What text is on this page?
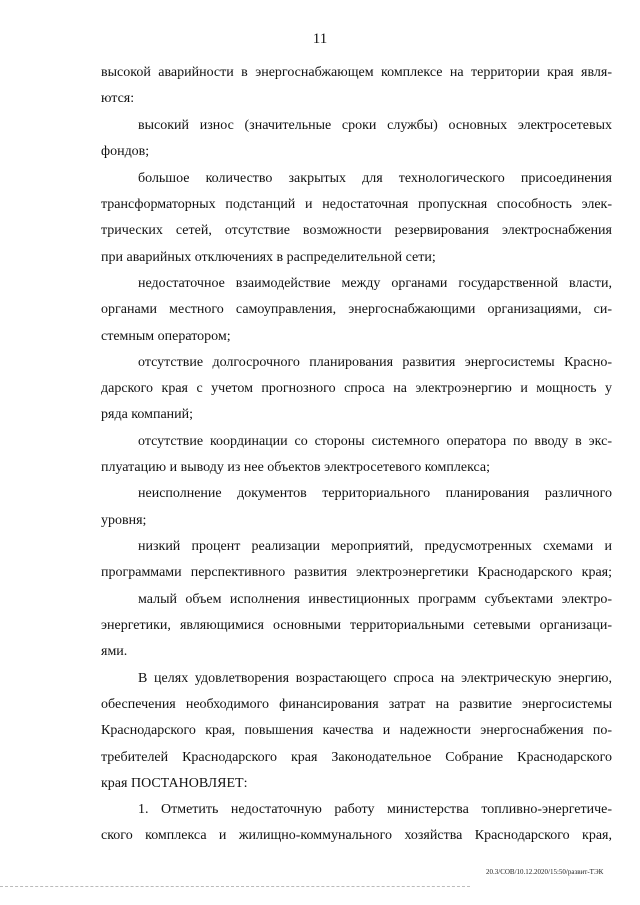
11
высокой аварийности в энергоснабжающем комплексе на территории края явля-
ются:
высокий износ (значительные сроки службы) основных электросетевых
фондов;
большое количество закрытых для технологического присоединения
трансформаторных подстанций и недостаточная пропускная способность элек-
трических сетей, отсутствие возможности резервирования электроснабжения
при аварийных отключениях в распределительной сети;
недостаточное взаимодействие между органами государственной власти,
органами местного самоуправления, энергоснабжающими организациями, си-
стемным оператором;
отсутствие долгосрочного планирования развития энергосистемы Красно-
дарского края с учетом прогнозного спроса на электроэнергию и мощность у
ряда компаний;
отсутствие координации со стороны системного оператора по вводу в экс-
плуатацию и выводу из нее объектов электросетевого комплекса;
неисполнение документов территориального планирования различного
уровня;
низкий процент реализации мероприятий, предусмотренных схемами и
программами перспективного развития электроэнергетики Краснодарского края;
малый объем исполнения инвестиционных программ субъектами электро-
энергетики, являющимися основными территориальными сетевыми организаци-
ями.
В целях удовлетворения возрастающего спроса на электрическую энергию,
обеспечения необходимого финансирования затрат на развитие энергосистемы
Краснодарского края, повышения качества и надежности энергоснабжения по-
требителей Краснодарского края Законодательное Собрание Краснодарского
края ПОСТАНОВЛЯЕТ:
1. Отметить недостаточную работу министерства топливно-энергетиче-
ского комплекса и жилищно-коммунального хозяйства Краснодарского края,
20.3/СОВ/10.12.2020/15:50/развит-ТЭК
